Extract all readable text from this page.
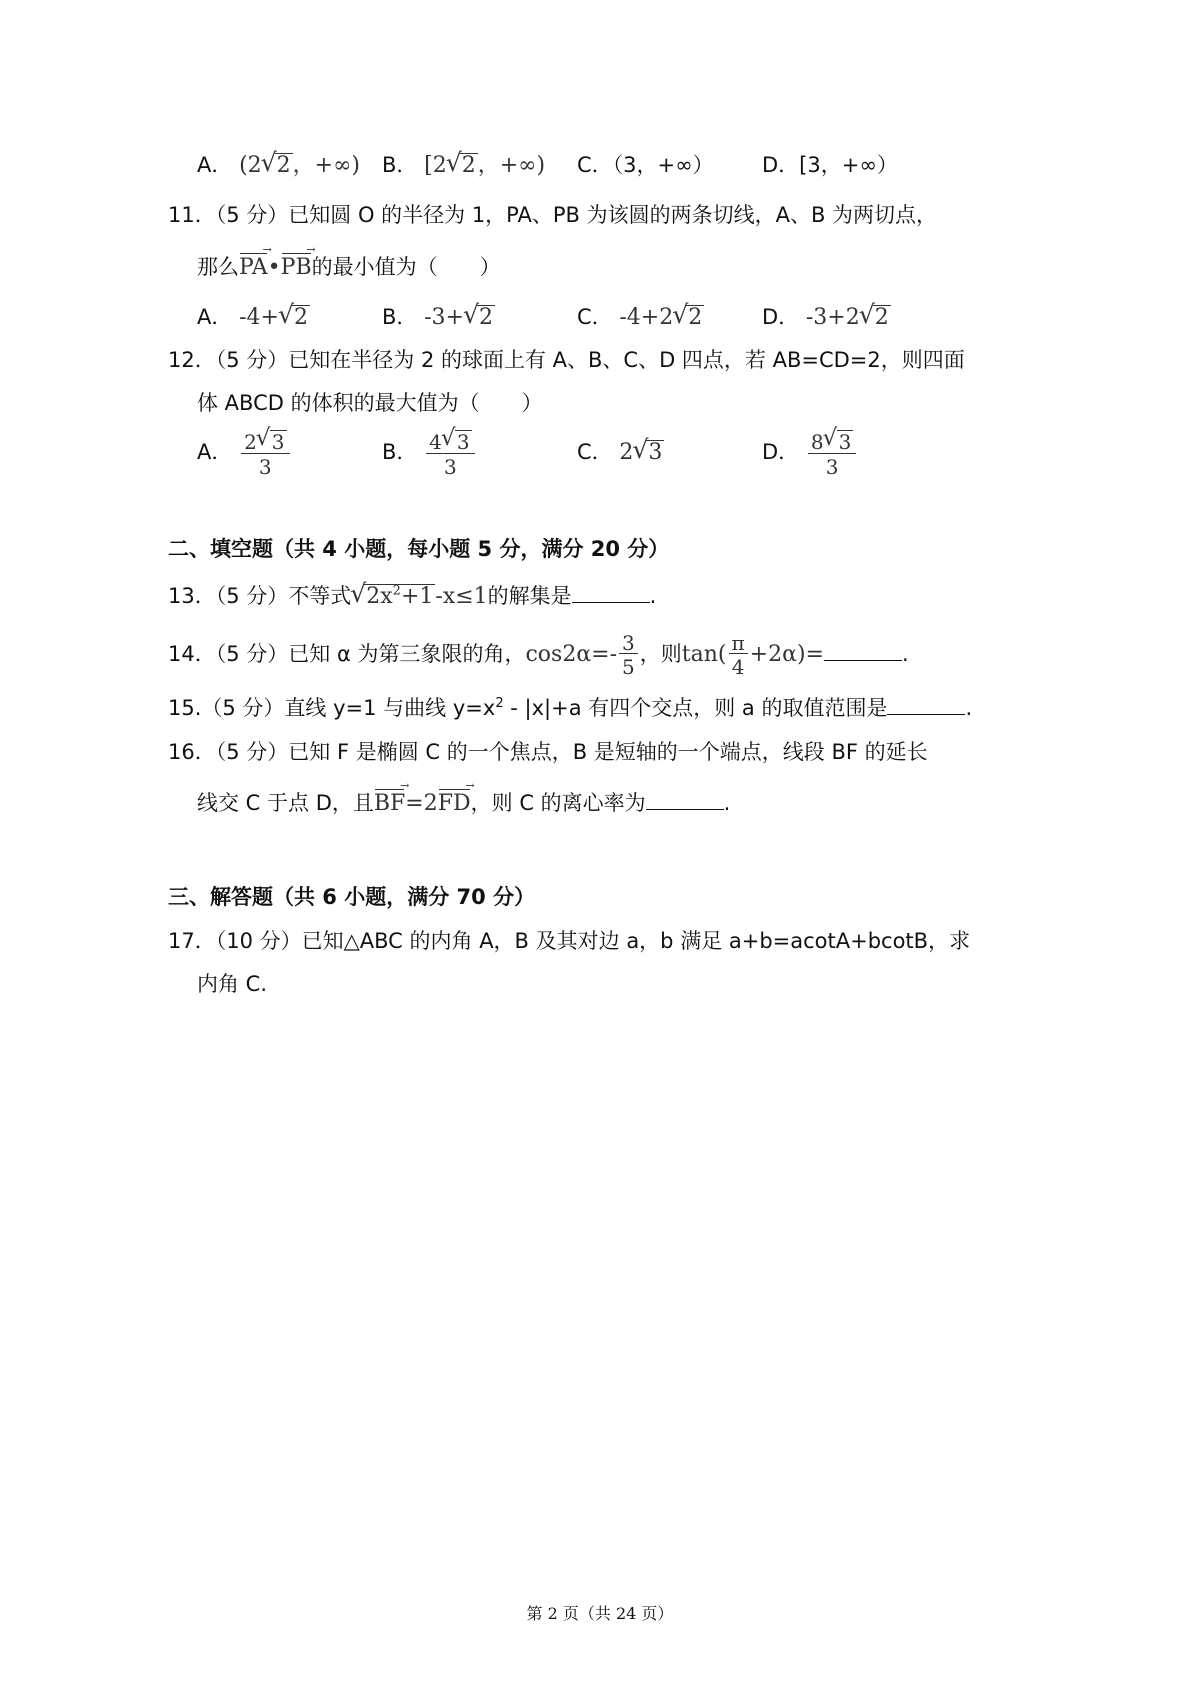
A． (2 √ 2，+∞) B． [2 √ 2，+∞) C．（3，+∞） D．[3，+∞）
11．（5 分）已知圆 O 的半径为 1，PA、PB 为该圆的两条切线，A、B 为两切点，
那么PA
→
•PB
→
的最小值为（　　）
A． -4+ √ 2	B． -3+ √ 2	C． -4+2 √ 2	D． -3+2 √ 2
12．（5 分）已知在半径为 2 的球面上有 A、B、C、D 四点，若 AB=CD=2，则四面
体 ABCD 的体积的最大值为（　　）
A． $\frac{2 √ 3}{3}$	B． $\frac{4 √ 3}{3}$	C． 2 √ 3	D． $\frac{8 √ 3}{3}$
二、填空题（共 4 小题，每小题 5 分，满分 20 分）
13．（5 分）不等式 √ $2x^2+1-x\le 1$的解集是	.
14．（5 分）已知 α 为第三象限的角，$\cos 2\alpha=- \frac{3}{5}$ ，则$\tan( \frac{\pi}{4} +2\alpha)=$	.
15.（5 分）直线 y=1 与曲线 $y=x^2 - |x|+a$ 有四个交点，则 a 的取值范围是	.
16．（5 分）已知 F 是椭圆 C 的一个焦点，B 是短轴的一个端点，线段 BF 的延长
线交 C 于点 D，且BF
→
=2FD
→
，则 C 的离心率为	.
三、解答题（共 6 小题，满分 70 分）
17．（10 分）已知△ABC 的内角 A，B 及其对边 a，b 满足 a+b=acotA+bcotB，求
内角 C.
第 2 页（共 24 页）
